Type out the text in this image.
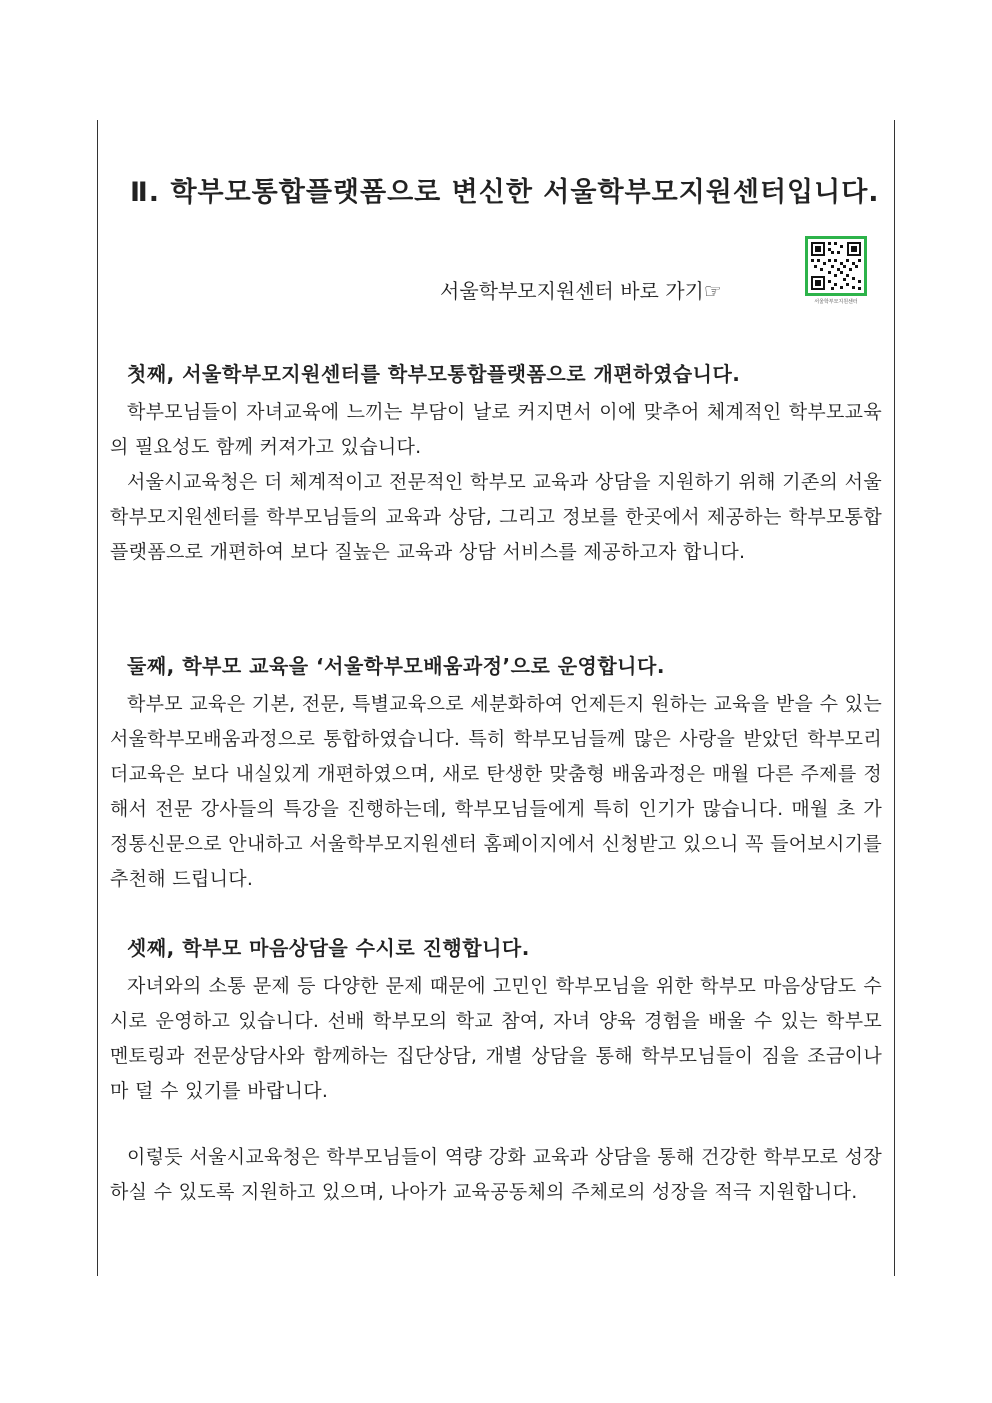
Ⅱ. 학부모통합플랫폼으로 변신한 서울학부모지원센터입니다.
서울학부모지원센터 바로 가기☞	서울학부모지원센터
첫째, 서울학부모지원센터를 학부모통합플랫폼으로 개편하였습니다.

학부모님들이 자녀교육에 느끼는 부담이 날로 커지면서 이에 맞추어 체계적인 학부모교육의 필요성도 함께 커져가고 있습니다.

서울시교육청은 더 체계적이고 전문적인 학부모 교육과 상담을 지원하기 위해 기존의 서울학부모지원센터를 학부모님들의 교육과 상담, 그리고 정보를 한곳에서 제공하는 학부모통합플랫폼으로 개편하여 보다 질높은 교육과 상담 서비스를 제공하고자 합니다.

둘째, 학부모 교육을 ‘서울학부모배움과정’으로 운영합니다.

학부모 교육은 기본, 전문, 특별교육으로 세분화하여 언제든지 원하는 교육을 받을 수 있는 서울학부모배움과정으로 통합하였습니다. 특히 학부모님들께 많은 사랑을 받았던 학부모리더교육은 보다 내실있게 개편하였으며, 새로 탄생한 맞춤형 배움과정은 매월 다른 주제를 정해서 전문 강사들의 특강을 진행하는데, 학부모님들에게 특히 인기가 많습니다. 매월 초 가정통신문으로 안내하고 서울학부모지원센터 홈페이지에서 신청받고 있으니 꼭 들어보시기를 추천해 드립니다.

셋째, 학부모 마음상담을 수시로 진행합니다.

자녀와의 소통 문제 등 다양한 문제 때문에 고민인 학부모님을 위한 학부모 마음상담도 수시로 운영하고 있습니다. 선배 학부모의 학교 참여, 자녀 양육 경험을 배울 수 있는 학부모 멘토링과 전문상담사와 함께하는 집단상담, 개별 상담을 통해 학부모님들이 짐을 조금이나마 덜 수 있기를 바랍니다.

이렇듯 서울시교육청은 학부모님들이 역량 강화 교육과 상담을 통해 건강한 학부모로 성장하실 수 있도록 지원하고 있으며, 나아가 교육공동체의 주체로의 성장을 적극 지원합니다.
